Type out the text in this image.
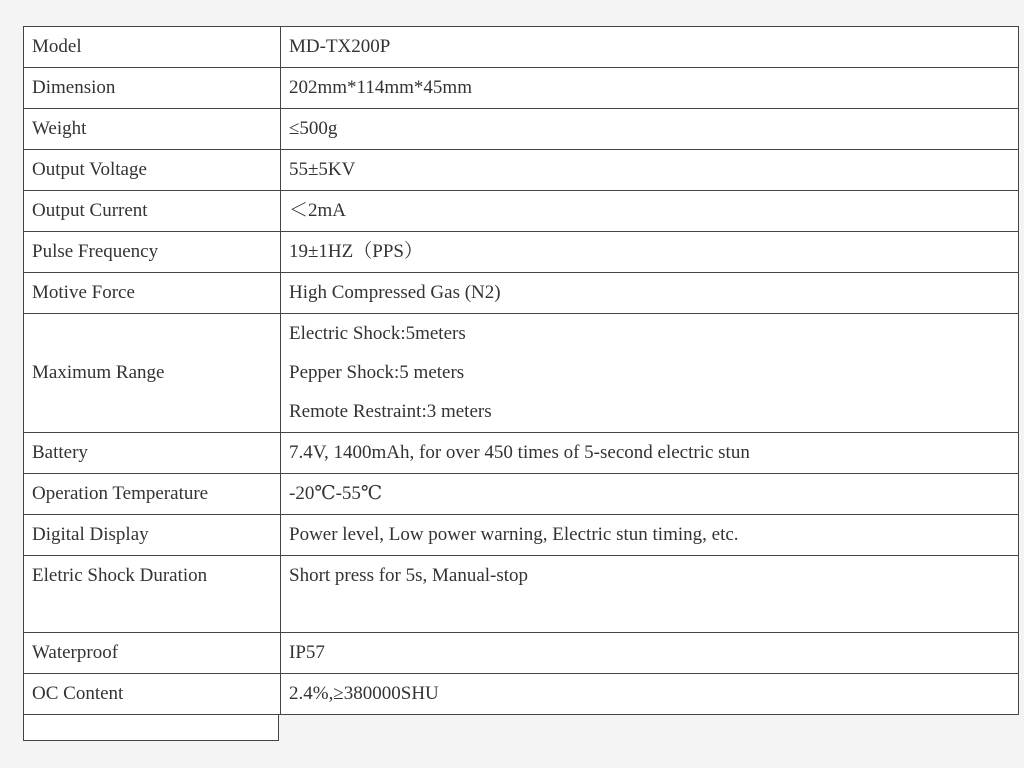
Model	MD-TX200P
Dimension	202mm*114mm*45mm
Weight	≤500g
Output Voltage	55±5KV
Output Current	＜2mA
Pulse Frequency	19±1HZ（PPS）
Motive Force	High Compressed Gas (N2)
Maximum Range	Electric Shock:5meters
Pepper Shock:5 meters
Remote Restraint:3 meters

Battery	7.4V, 1400mAh, for over 450 times of 5-second electric stun
Operation Temperature	-20℃-55℃
Digital Display	Power level, Low power warning, Electric stun timing, etc.
Eletric Shock Duration	Short press for 5s, Manual-stop
Waterproof	IP57
OC Content	2.4%,≥380000SHU
